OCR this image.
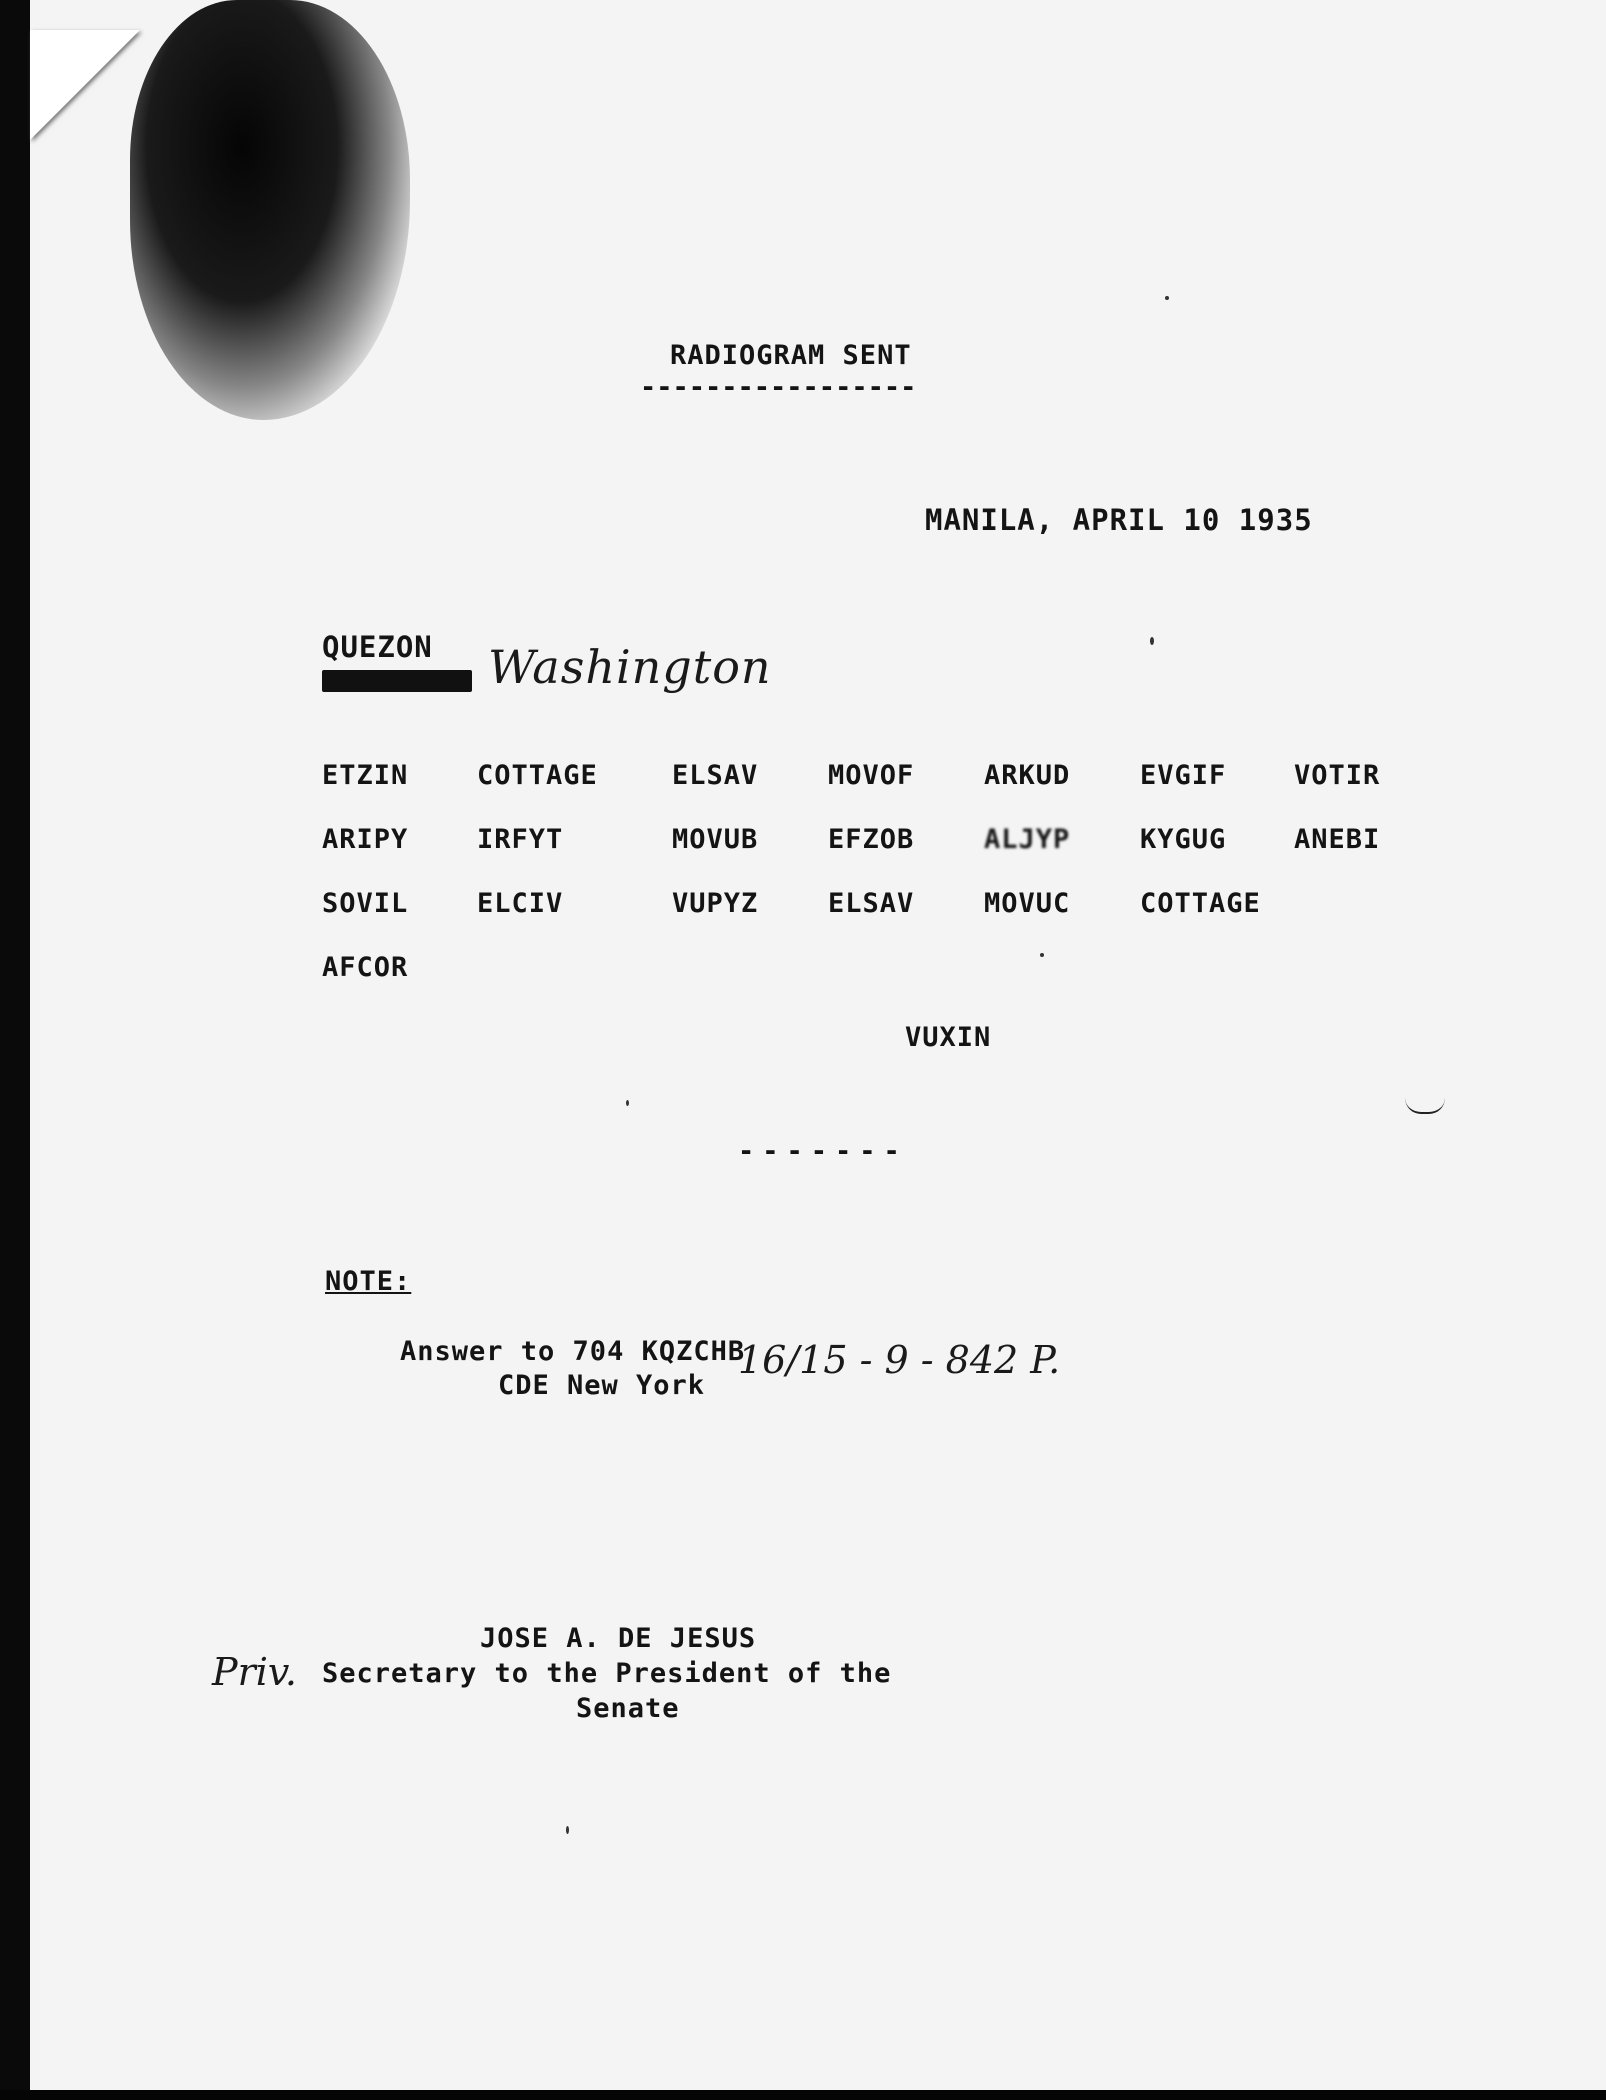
RADIOGRAM SENT
-----------------
MANILA, APRIL 10 1935
QUEZON Washington
ETZIN	COTTAGE	ELSAV	MOVOF	ARKUD	EVGIF	VOTIR
ARIPY	IRFYT	MOVUB	EFZOB	ALJYP	KYGUG	ANEBI
SOVIL	ELCIV	VUPYZ	ELSAV	MOVUC	COTTAGE
AFCOR
VUXIN
-------
NOTE:
Answer to 704 KQZCHB
CDE New York
16/15 - 9 - 842 P.
JOSE A. DE JESUS
Secretary to the President of the
Senate
Priv.
